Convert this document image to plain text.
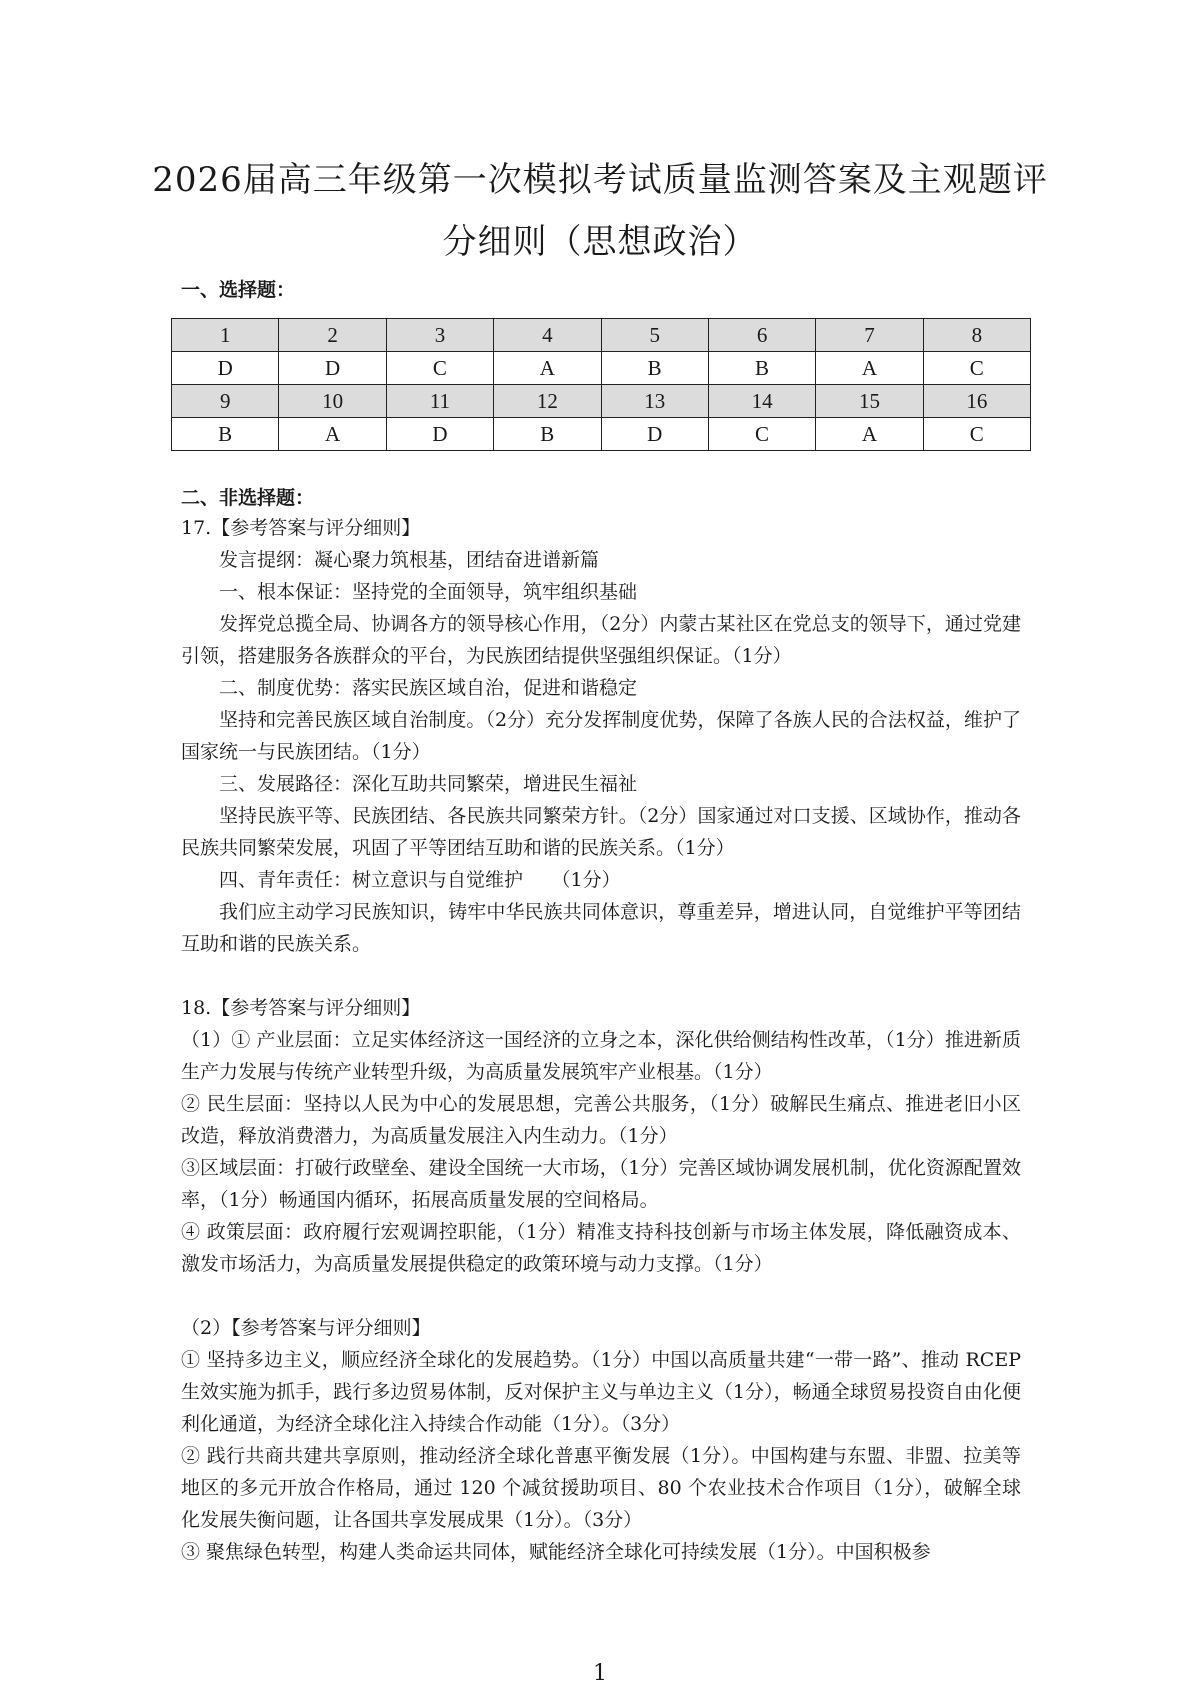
2026届高三年级第一次模拟考试质量监测答案及主观题评
分细则（思想政治）
一、选择题：
1	2	3	4	5	6	7	8
D	D	C	A	B	B	A	C
9	10	11	12	13	14	15	16
B	A	D	B	D	C	A	C
二、非选择题：

17.【参考答案与评分细则】

发言提纲：凝心聚力筑根基，团结奋进谱新篇

一、根本保证：坚持党的全面领导，筑牢组织基础

发挥党总揽全局、协调各方的领导核心作用，（2分）内蒙古某社区在党总支的领导下，通过党建引领，搭建服务各族群众的平台，为民族团结提供坚强组织保证。（1分）

二、制度优势：落实民族区域自治，促进和谐稳定

坚持和完善民族区域自治制度。（2分）充分发挥制度优势，保障了各族人民的合法权益，维护了国家统一与民族团结。（1分）

三、发展路径：深化互助共同繁荣，增进民生福祉

坚持民族平等、民族团结、各民族共同繁荣方针。（2分）国家通过对口支援、区域协作，推动各民族共同繁荣发展，巩固了平等团结互助和谐的民族关系。（1分）

四、青年责任：树立意识与自觉维护　　（1分）

我们应主动学习民族知识，铸牢中华民族共同体意识，尊重差异，增进认同，自觉维护平等团结互助和谐的民族关系。

18.【参考答案与评分细则】

（1）① 产业层面：立足实体经济这一国经济的立身之本，深化供给侧结构性改革，（1分）推进新质生产力发展与传统产业转型升级，为高质量发展筑牢产业根基。（1分）

② 民生层面：坚持以人民为中心的发展思想，完善公共服务，（1分）破解民生痛点、推进老旧小区改造，释放消费潜力，为高质量发展注入内生动力。（1分）

③区域层面：打破行政壁垒、建设全国统一大市场，（1分）完善区域协调发展机制，优化资源配置效率，（1分）畅通国内循环，拓展高质量发展的空间格局。

④ 政策层面：政府履行宏观调控职能，（1分）精准支持科技创新与市场主体发展，降低融资成本、激发市场活力，为高质量发展提供稳定的政策环境与动力支撑。（1分）

（2）【参考答案与评分细则】

① 坚持多边主义，顺应经济全球化的发展趋势。（1分）中国以高质量共建“一带一路”、推动 RCEP 生效实施为抓手，践行多边贸易体制，反对保护主义与单边主义（1分），畅通全球贸易投资自由化便利化通道，为经济全球化注入持续合作动能（1分）。（3分）

② 践行共商共建共享原则，推动经济全球化普惠平衡发展（1分）。中国构建与东盟、非盟、拉美等地区的多元开放合作格局，通过 120 个减贫援助项目、80 个农业技术合作项目（1分），破解全球化发展失衡问题，让各国共享发展成果（1分）。（3分）

③ 聚焦绿色转型，构建人类命运共同体，赋能经济全球化可持续发展（1分）。中国积极参

1
